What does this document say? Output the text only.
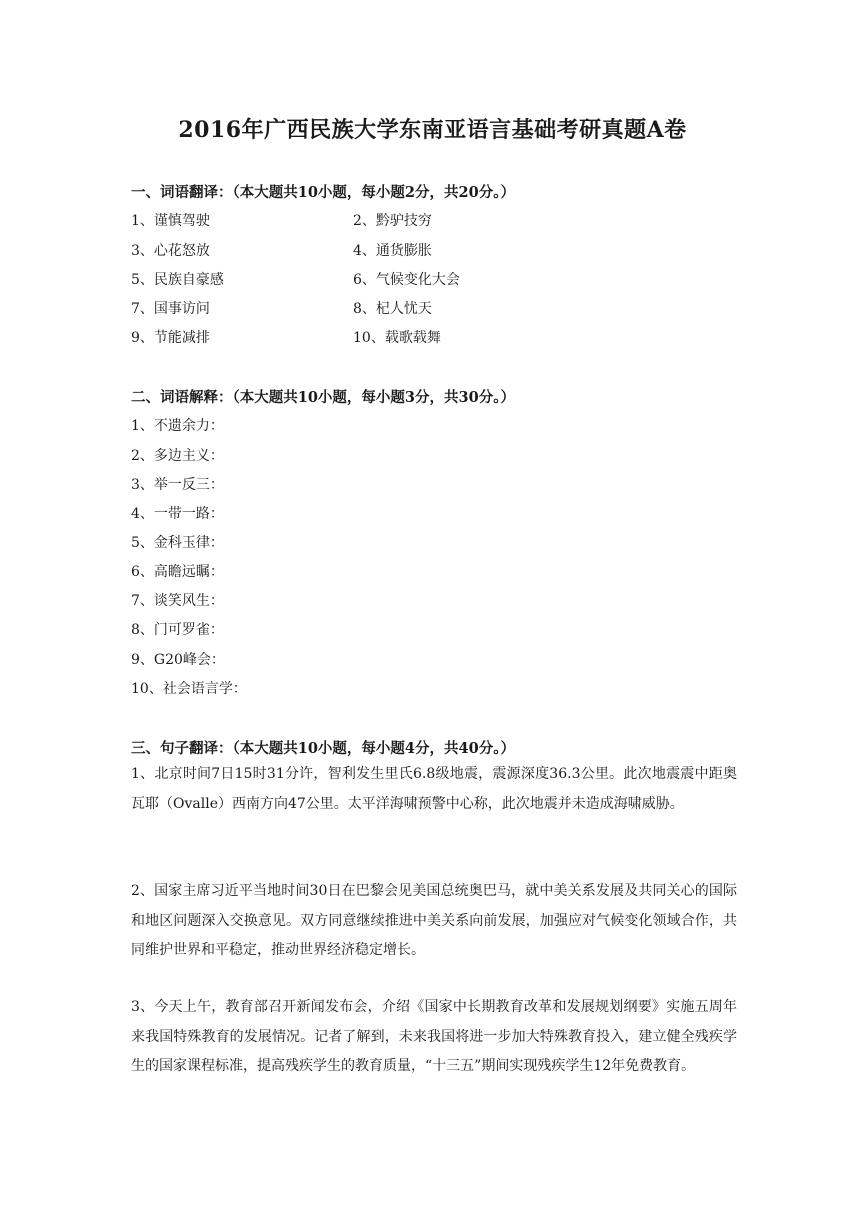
2016年广西民族大学东南亚语言基础考研真题A卷
一、词语翻译：（本大题共10小题，每小题2分，共20分。）
1、谨慎驾驶	2、黔驴技穷
3、心花怒放	4、通货膨胀
5、民族自豪感	6、气候变化大会
7、国事访问	8、杞人忧天
9、节能减排	10、载歌载舞
二、词语解释：（本大题共10小题，每小题3分，共30分。）
1、不遗余力：
2、多边主义：
3、举一反三：
4、一带一路：
5、金科玉律：
6、高瞻远瞩：
7、谈笑风生：
8、门可罗雀：
9、G20峰会：
10、社会语言学：
三、句子翻译：（本大题共10小题，每小题4分，共40分。）
1、北京时间7日15时31分许，智利发生里氏6.8级地震，震源深度36.3公里。此次地震震中距奥瓦耶（Ovalle）西南方向47公里。太平洋海啸预警中心称，此次地震并未造成海啸威胁。
2、国家主席习近平当地时间30日在巴黎会见美国总统奥巴马，就中美关系发展及共同关心的国际和地区问题深入交换意见。双方同意继续推进中美关系向前发展，加强应对气候变化领域合作，共同维护世界和平稳定，推动世界经济稳定增长。
3、今天上午，教育部召开新闻发布会，介绍《国家中长期教育改革和发展规划纲要》实施五周年来我国特殊教育的发展情况。记者了解到，未来我国将进一步加大特殊教育投入，建立健全残疾学生的国家课程标准，提高残疾学生的教育质量，“十三五”期间实现残疾学生12年免费教育。
